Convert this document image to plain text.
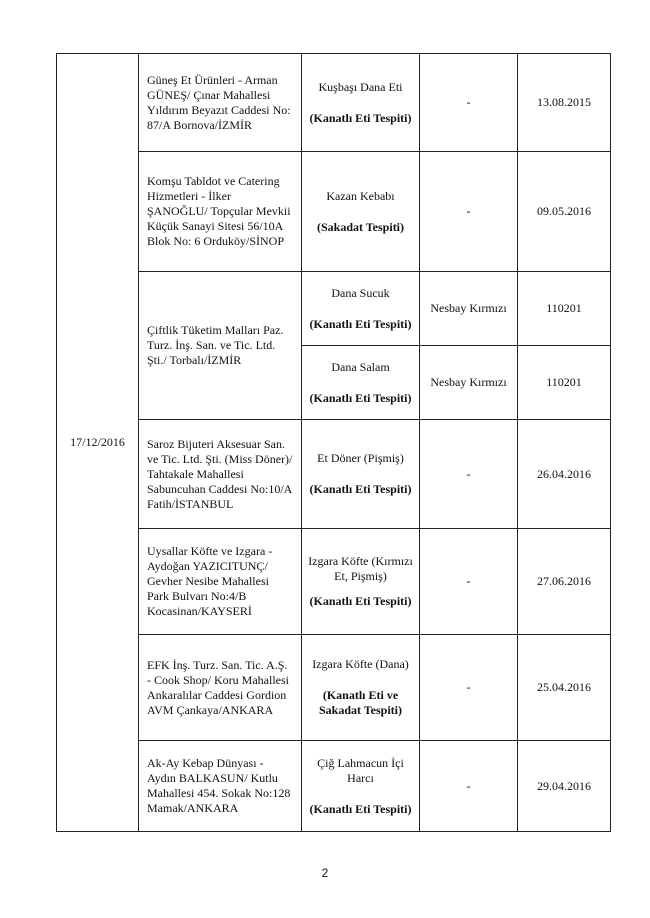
17/12/2016	Güneş Et Ürünleri - Arman GÜNEŞ/ Çınar Mahallesi Yıldırım Beyazıt Caddesi No: 87/A Bornova/İZMİR	Kuşbaşı Dana Eti
(Kanatlı Eti Tespiti)	-	13.08.2015
	Komşu Tabldot ve Catering Hizmetleri - İlker ŞANOĞLU/ Topçular Mevkii Küçük Sanayi Sitesi 56/10A Blok No: 6 Orduköy/SİNOP	Kazan Kebabı
(Sakadat Tespiti)	-	09.05.2016
	Çiftlik Tüketim Malları Paz. Turz. İnş. San. ve Tic. Ltd. Şti./ Torbalı/İZMİR	Dana Sucuk
(Kanatlı Eti Tespiti)	Nesbay Kırmızı	110201

		Dana Salam
(Kanatlı Eti Tespiti)	Nesbay Kırmızı	110201
	Saroz Bijuteri Aksesuar San. ve Tic. Ltd. Şti. (Miss Döner)/ Tahtakale Mahallesi Sabuncuhan Caddesi No:10/A Fatih/İSTANBUL	Et Döner (Pişmiş)
(Kanatlı Eti Tespiti)	-	26.04.2016
	Uysallar Köfte ve Izgara - Aydoğan YAZICITUNÇ/ Gevher Nesibe Mahallesi Park Bulvarı No:4/B Kocasinan/KAYSERİ	Izgara Köfte (Kırmızı Et, Pişmiş)
(Kanatlı Eti Tespiti)	-	27.06.2016
	EFK İnş. Turz. San. Tic. A.Ş. - Cook Shop/ Koru Mahallesi Ankaralılar Caddesi Gordion AVM Çankaya/ANKARA	Izgara Köfte (Dana)
(Kanatlı Eti ve Sakadat Tespiti)	-	25.04.2016
	Ak-Ay Kebap Dünyası - Aydın BALKASUN/ Kutlu Mahallesi 454. Sokak No:128 Mamak/ANKARA	Çiğ Lahmacun İçi Harcı
(Kanatlı Eti Tespiti)	-	29.04.2016
2
